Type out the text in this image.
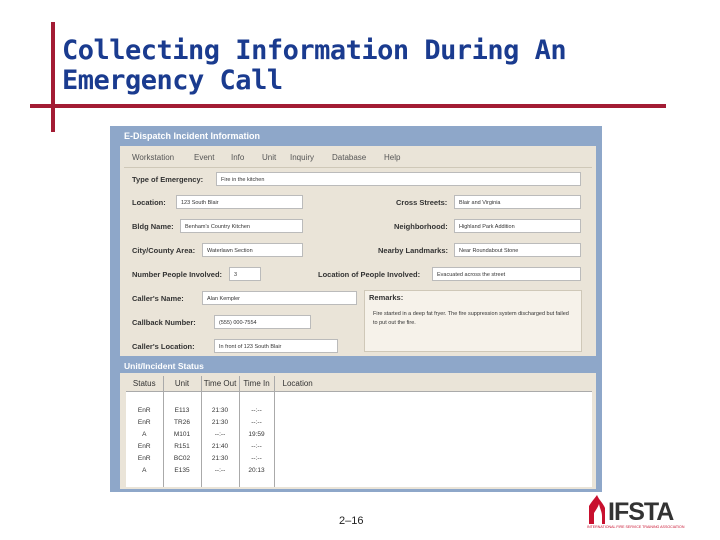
Collecting Information During An
Emergency Call
E-Dispatch Incident Information
Workstation Event Info Unit Inquiry Database Help
Type of Emergency:	Fire in the kitchen
Location:	123 South Blair	Cross Streets:	Blair and Virginia
Bldg Name:	Benham's Country Kitchen	Neighborhood:	Highland Park Addition
City/County Area:	Waterlawn Section	Nearby Landmarks:	Near Roundabout Stone
Number People Involved:	3	Location of People Involved:	Evacuated across the street
Caller's Name:	Alan Kempler
Callback Number:	(555) 000-7554
Caller's Location:	In front of 123 South Blair
Remarks:
Fire started in a deep fat fryer. The fire suppression system discharged but failed to put out the fire.
Unit/Incident Status
Status	Unit	Time Out	Time In	Location

EnR	E113	21:30	--:--	
EnR	TR26	21:30	--:--	
A	M101	--:--	19:59	
EnR	R151	21:40	--:--	
EnR	BC02	21:30	--:--	
A	E135	--:--	20:13	

2–16	IFSTA
INTERNATIONAL FIRE SERVICE TRAINING ASSOCIATION
